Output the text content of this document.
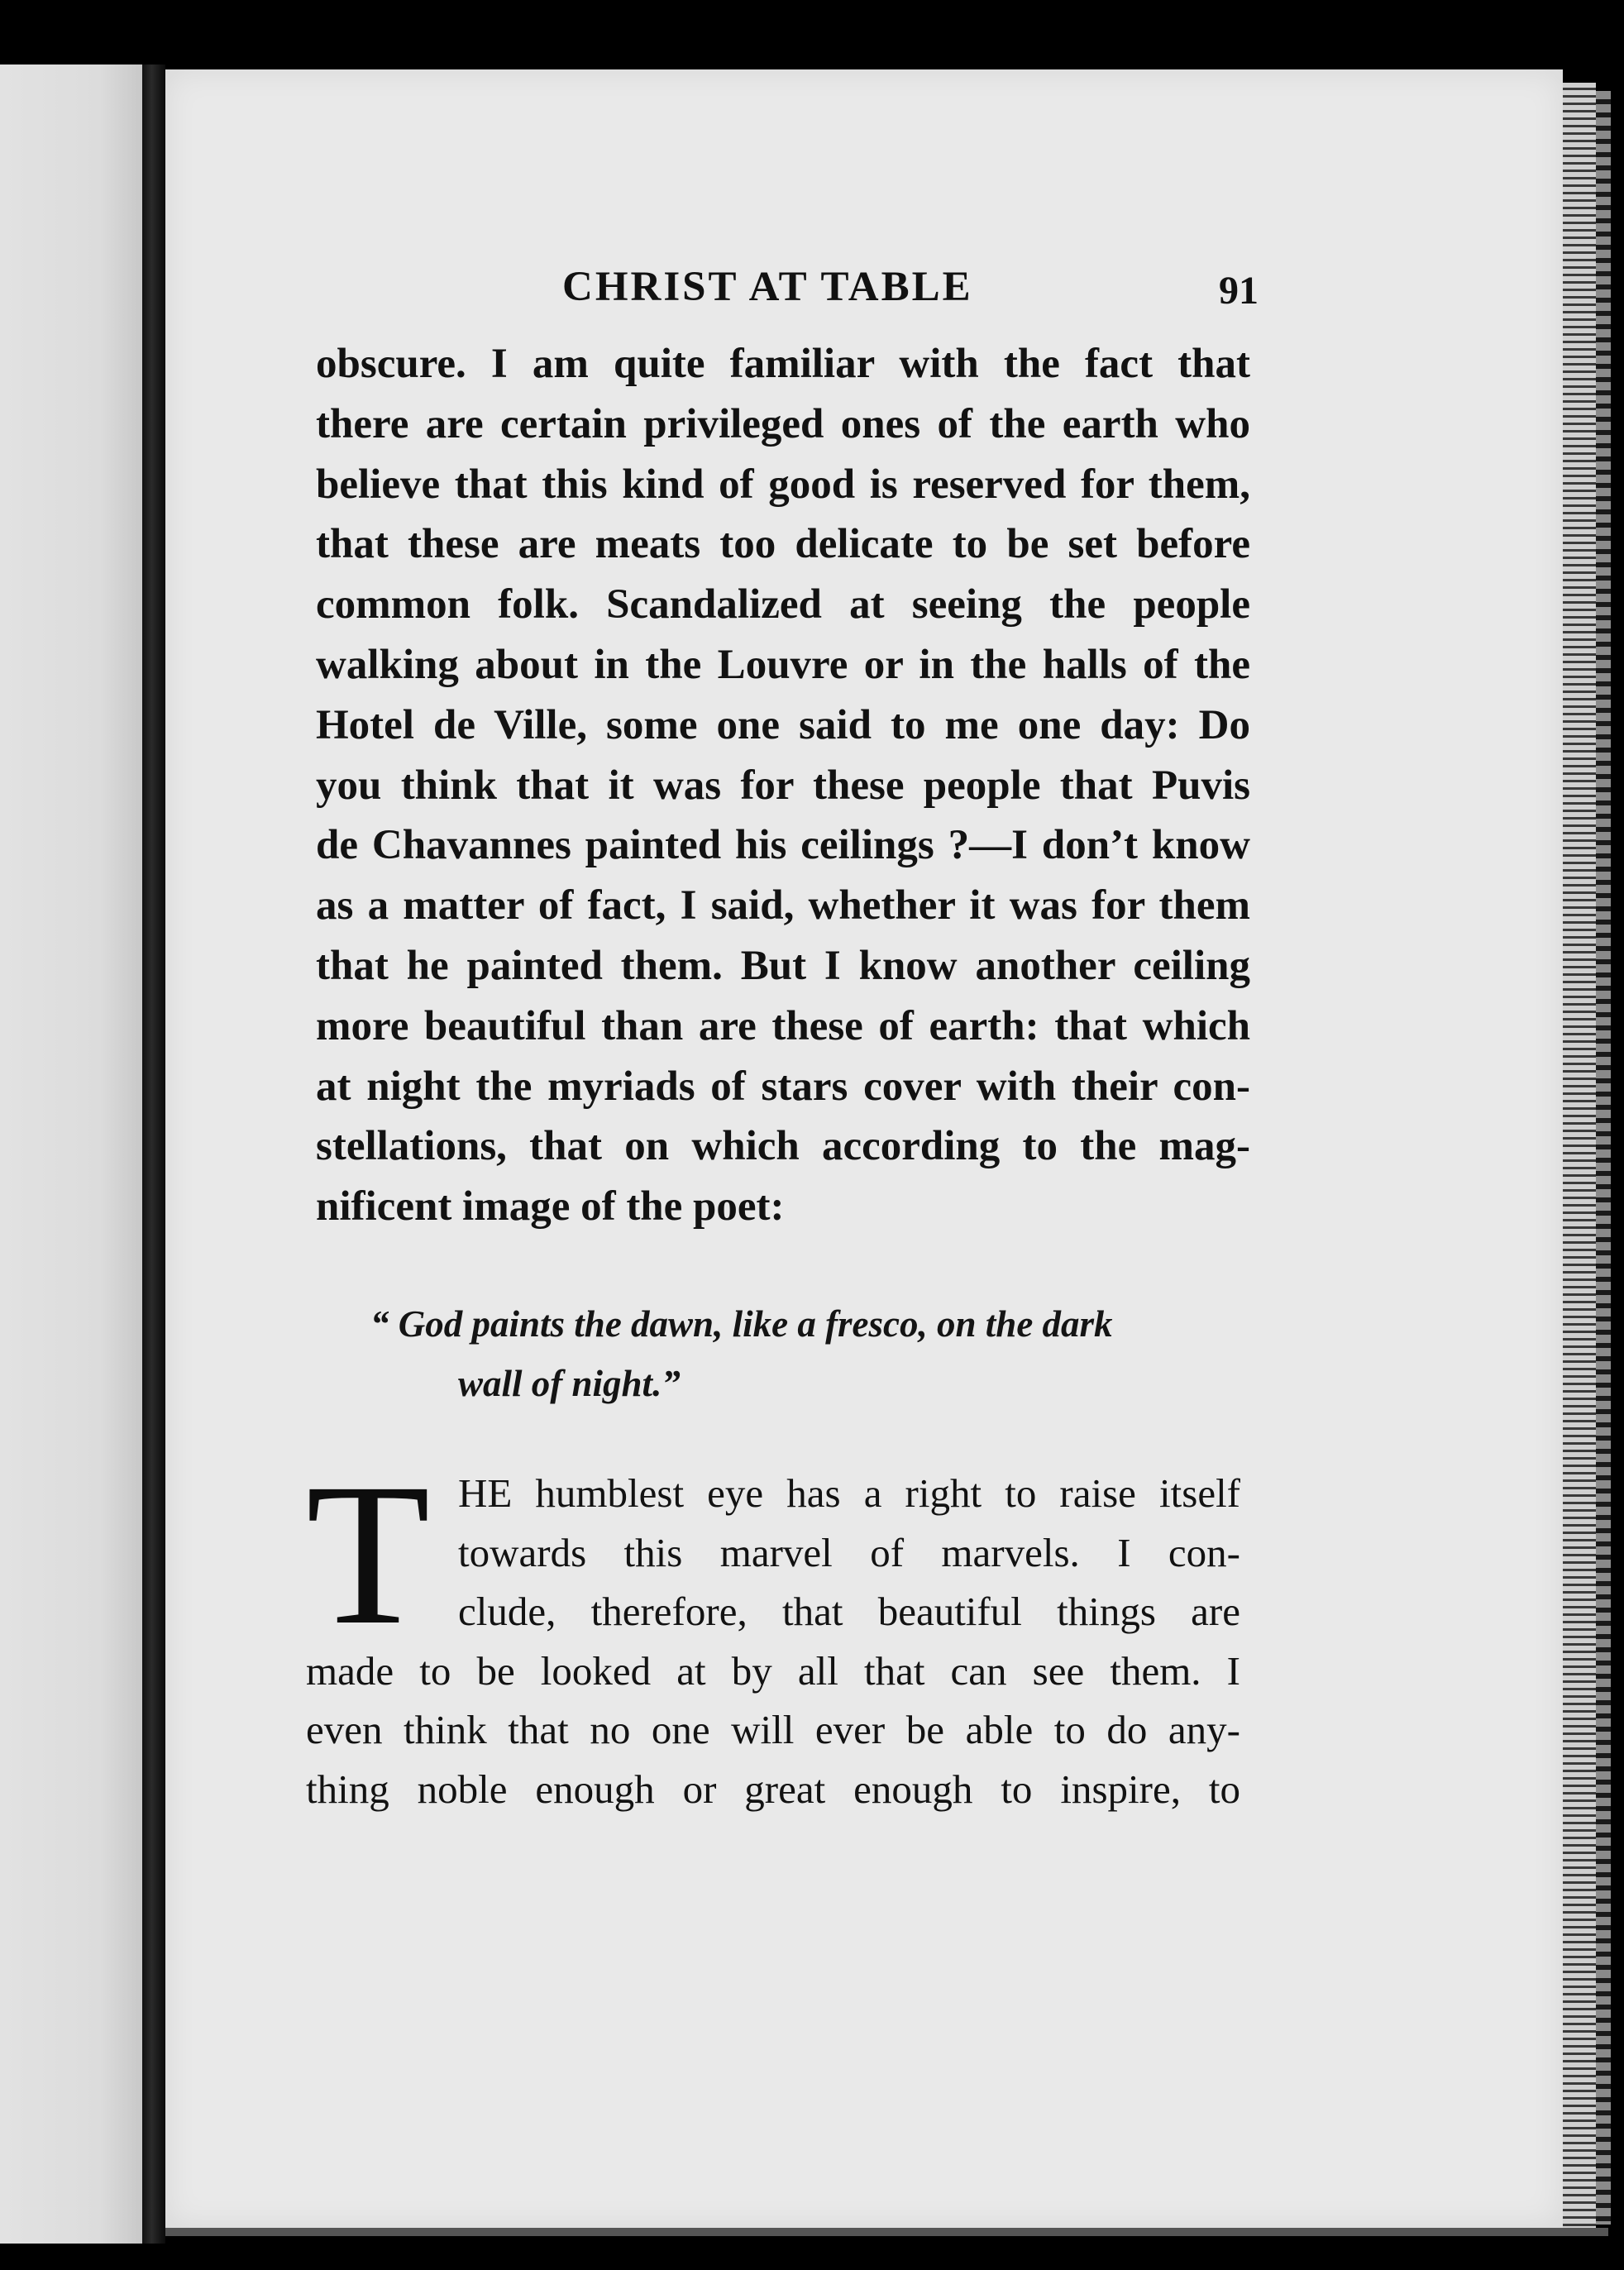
CHRIST AT TABLE	91
obscure. I am quite familiar with the fact that
there are certain privileged ones of the earth who
believe that this kind of good is reserved for them,
that these are meats too delicate to be set before
common folk. Scandalized at seeing the people
walking about in the Louvre or in the halls of the
Hotel de Ville, some one said to me one day: Do
you think that it was for these people that Puvis
de Chavannes painted his ceilings ?—I don’t know
as a matter of fact, I said, whether it was for them
that he painted them. But I know another ceiling
more beautiful than are these of earth: that which
at night the myriads of stars cover with their con-
stellations, that on which according to the mag-
nificent image of the poet:
“ God paints the dawn, like a fresco, on the dark
wall of night.”
T HE humblest eye has a right to raise itself
towards this marvel of marvels. I con-
clude, therefore, that beautiful things are
made to be looked at by all that can see them. I
even think that no one will ever be able to do any-
thing noble enough or great enough to inspire, to
